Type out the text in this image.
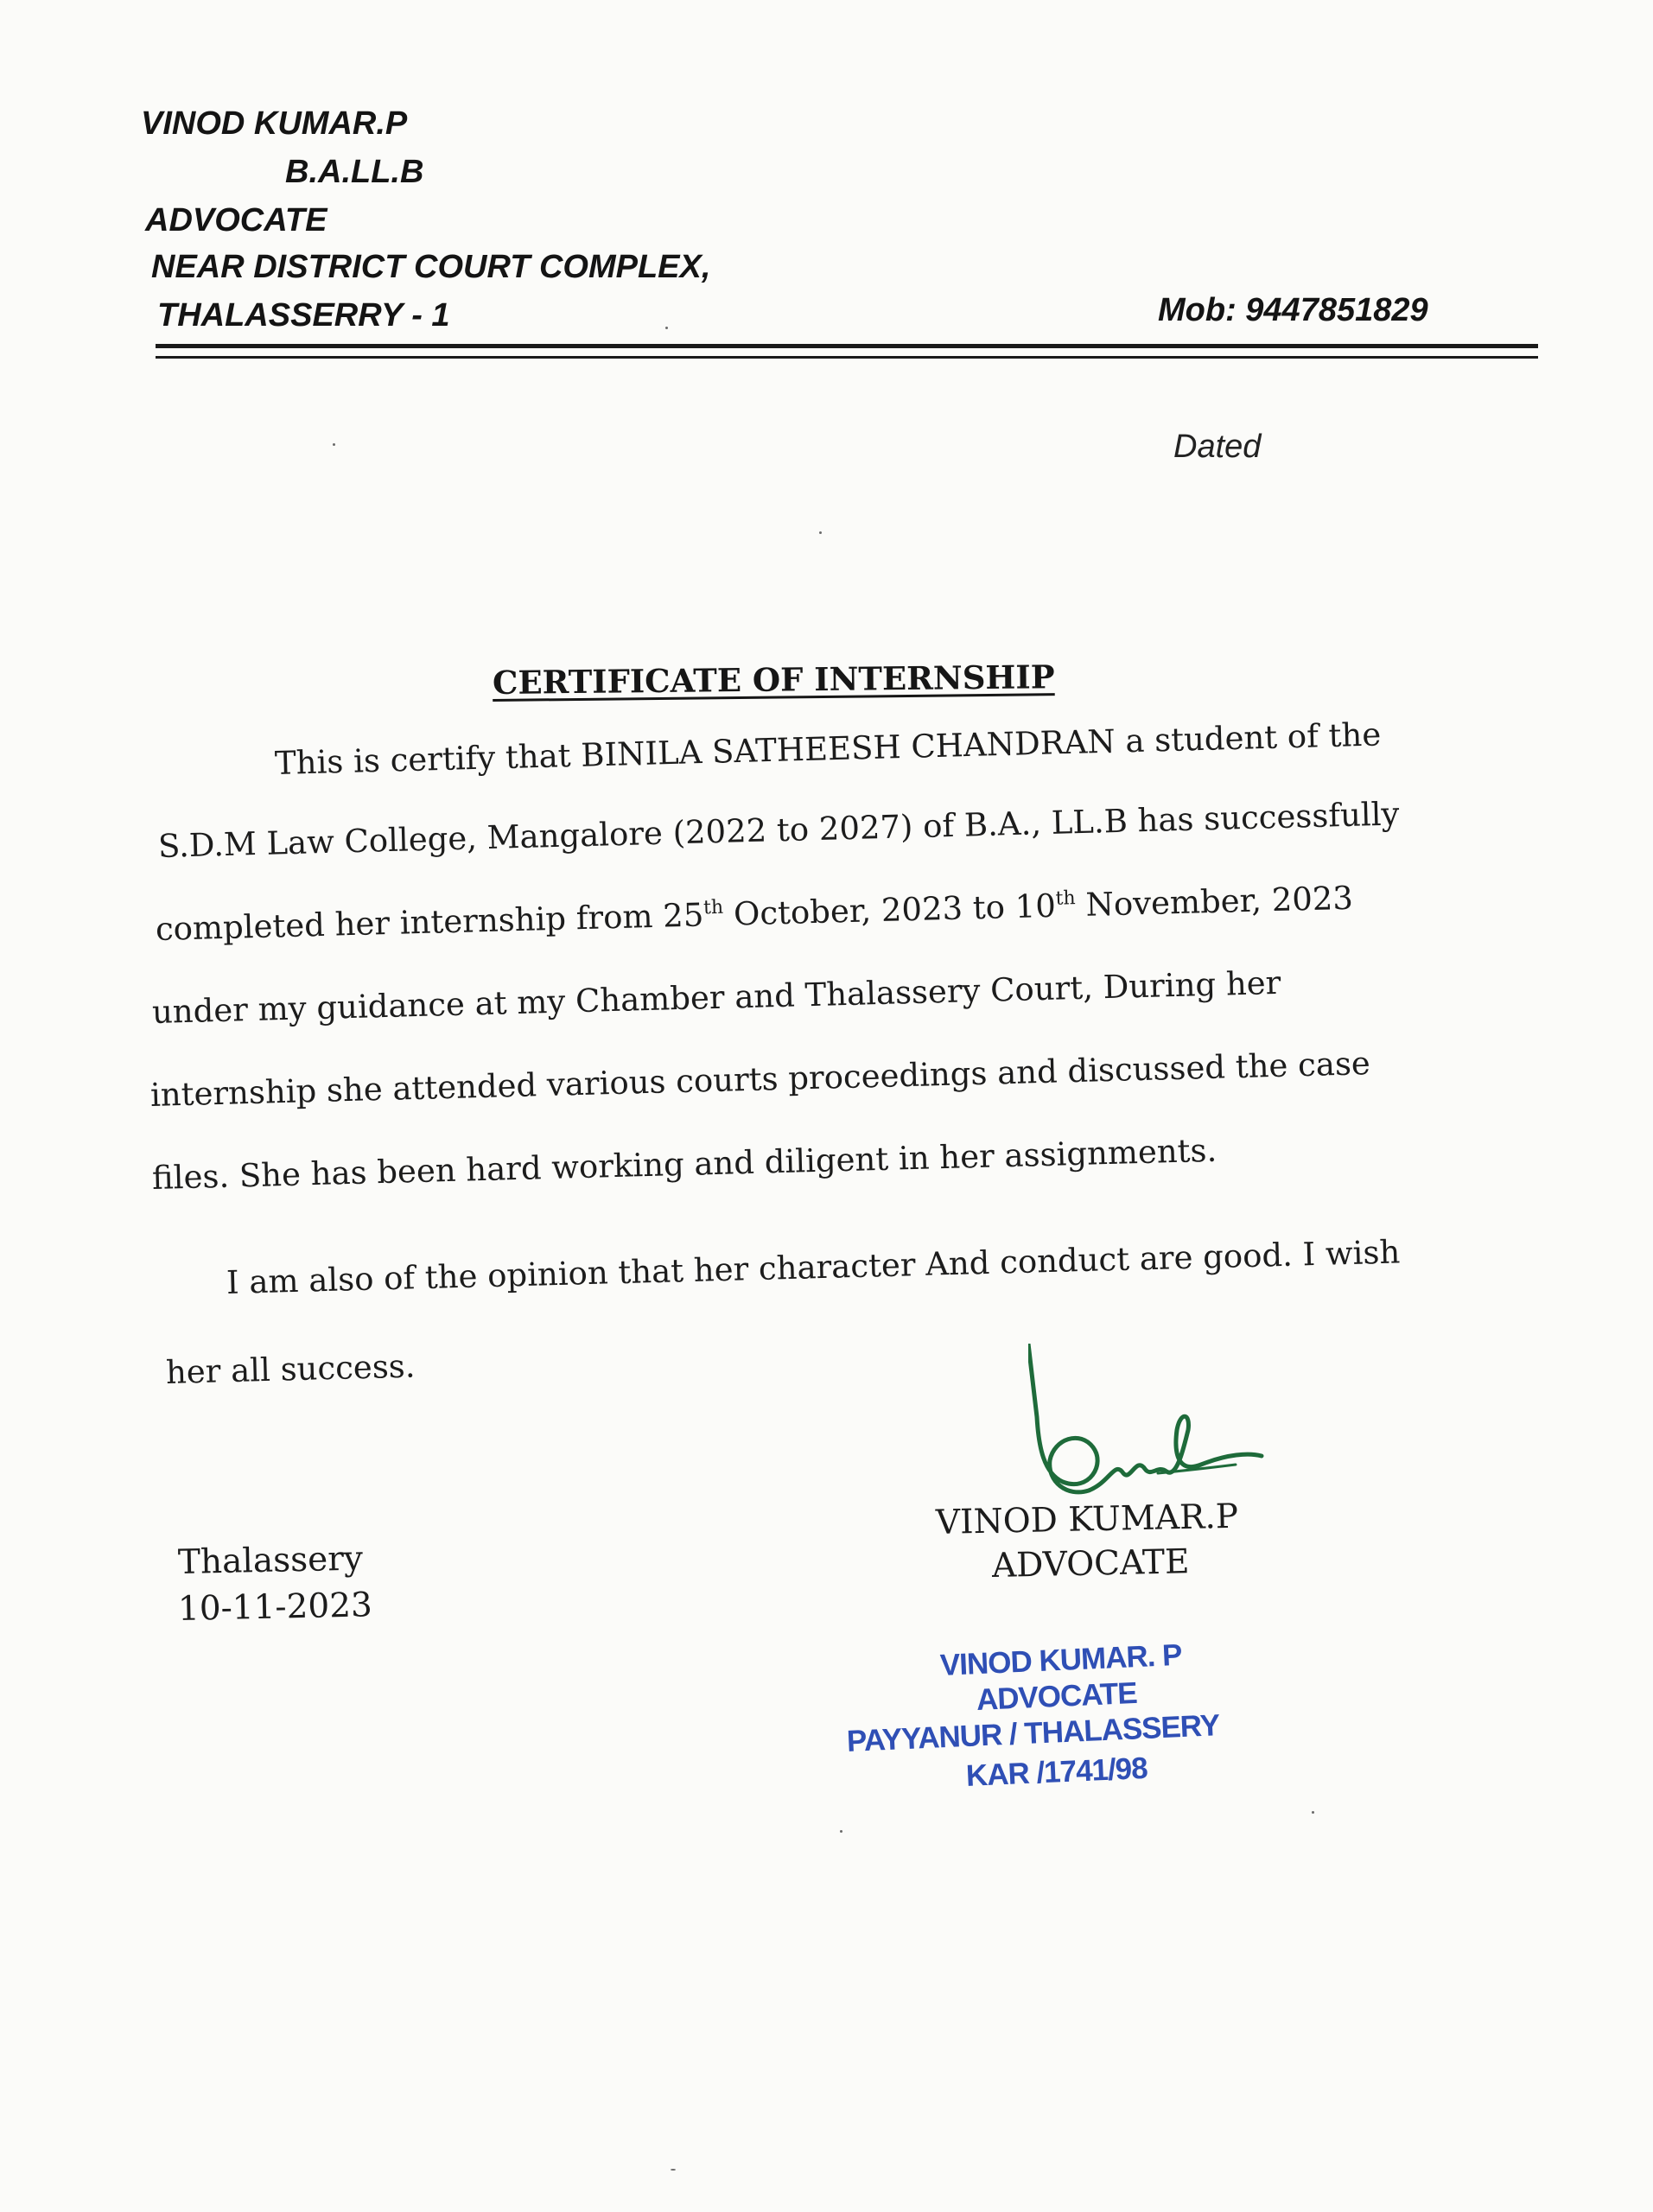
VINOD KUMAR.P
B.A.LL.B
ADVOCATE
NEAR DISTRICT COURT COMPLEX,
THALASSERRY - 1	Mob: 9447851829
Dated
CERTIFICATE OF INTERNSHIP
This is certify that BINILA SATHEESH CHANDRAN a student of the
S.D.M Law College, Mangalore (2022 to 2027) of B.A., LL.B has successfully
completed her internship from 25th October, 2023 to 10th November, 2023
under my guidance at my Chamber and Thalassery Court, During her
internship she attended various courts proceedings and discussed the case
files. She has been hard working and diligent in her assignments.
I am also of the opinion that her character And conduct are good. I wish
her all success.
VINOD KUMAR.P
ADVOCATE
Thalassery
10-11-2023
VINOD KUMAR. P
ADVOCATE
PAYYANUR / THALASSERY
KAR /1741/98
